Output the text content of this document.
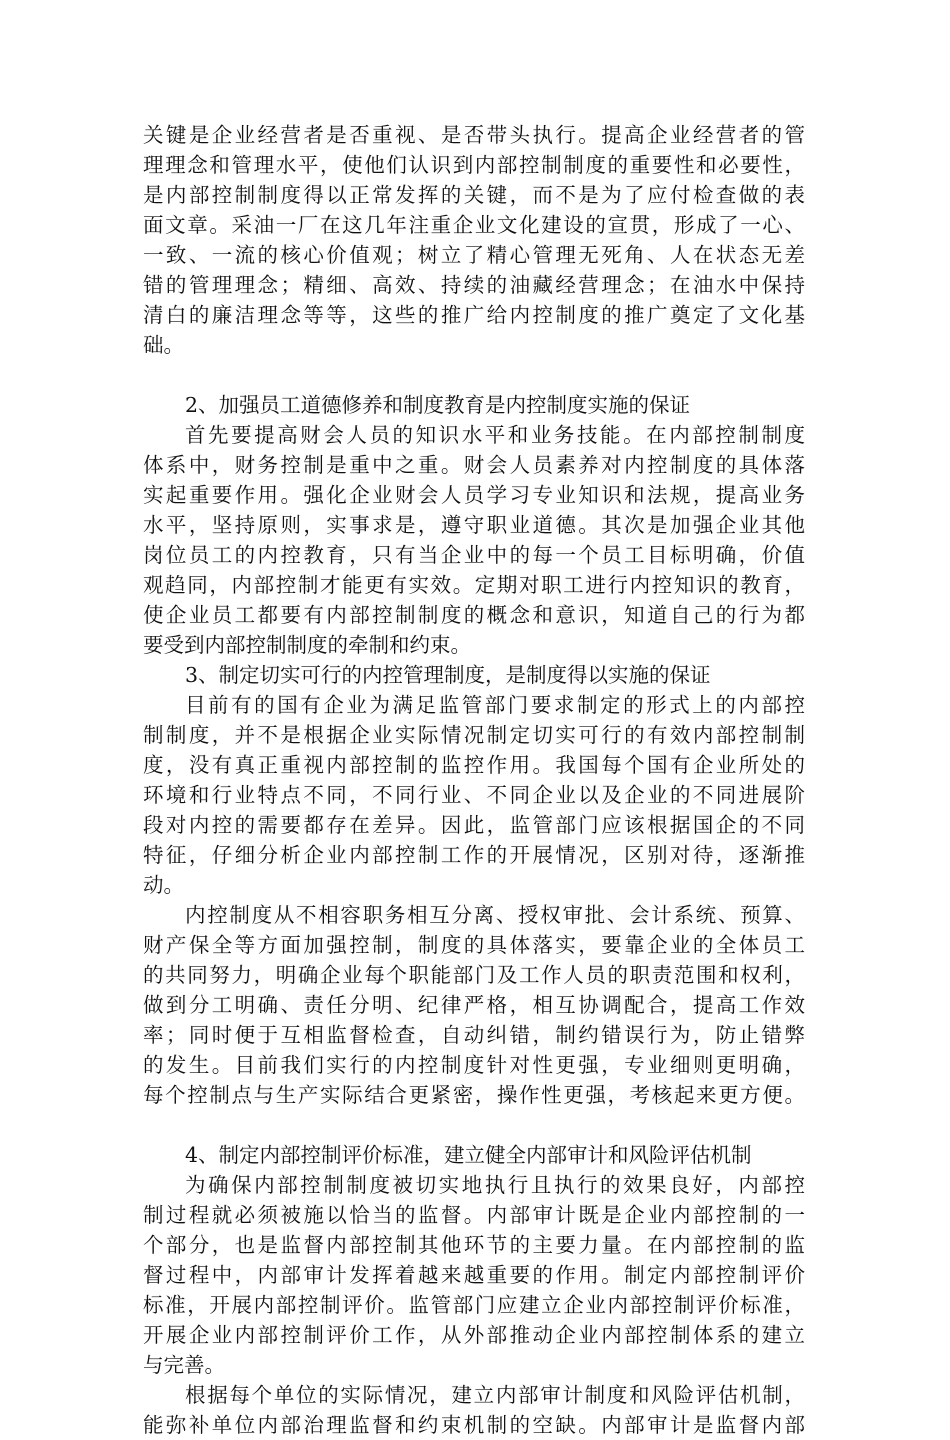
关键是企业经营者是否重视、是否带头执行。提高企业经营者的管
理理念和管理水平，使他们认识到内部控制制度的重要性和必要性，
是内部控制制度得以正常发挥的关键，而不是为了应付检查做的表
面文章。采油一厂在这几年注重企业文化建设的宣贯，形成了一心、
一致、一流的核心价值观；树立了精心管理无死角、人在状态无差
错的管理理念；精细、高效、持续的油藏经营理念；在油水中保持
清白的廉洁理念等等，这些的推广给内控制度的推广奠定了文化基
础。
2、加强员工道德修养和制度教育是内控制度实施的保证
首先要提高财会人员的知识水平和业务技能。在内部控制制度
体系中，财务控制是重中之重。财会人员素养对内控制度的具体落
实起重要作用。强化企业财会人员学习专业知识和法规，提高业务
水平，坚持原则，实事求是，遵守职业道德。其次是加强企业其他
岗位员工的内控教育，只有当企业中的每一个员工目标明确，价值
观趋同，内部控制才能更有实效。定期对职工进行内控知识的教育，
使企业员工都要有内部控制制度的概念和意识，知道自己的行为都
要受到内部控制制度的牵制和约束。
3、制定切实可行的内控管理制度，是制度得以实施的保证
目前有的国有企业为满足监管部门要求制定的形式上的内部控
制制度，并不是根据企业实际情况制定切实可行的有效内部控制制
度，没有真正重视内部控制的监控作用。我国每个国有企业所处的
环境和行业特点不同，不同行业、不同企业以及企业的不同进展阶
段对内控的需要都存在差异。因此，监管部门应该根据国企的不同
特征，仔细分析企业内部控制工作的开展情况，区别对待，逐渐推
动。
内控制度从不相容职务相互分离、授权审批、会计系统、预算、
财产保全等方面加强控制，制度的具体落实，要靠企业的全体员工
的共同努力，明确企业每个职能部门及工作人员的职责范围和权利，
做到分工明确、责任分明、纪律严格，相互协调配合，提高工作效
率；同时便于互相监督检查，自动纠错，制约错误行为，防止错弊
的发生。目前我们实行的内控制度针对性更强，专业细则更明确，
每个控制点与生产实际结合更紧密，操作性更强，考核起来更方便。
4、制定内部控制评价标准，建立健全内部审计和风险评估机制
为确保内部控制制度被切实地执行且执行的效果良好，内部控
制过程就必须被施以恰当的监督。内部审计既是企业内部控制的一
个部分，也是监督内部控制其他环节的主要力量。在内部控制的监
督过程中，内部审计发挥着越来越重要的作用。制定内部控制评价
标准，开展内部控制评价。监管部门应建立企业内部控制评价标准，
开展企业内部控制评价工作，从外部推动企业内部控制体系的建立
与完善。
根据每个单位的实际情况，建立内部审计制度和风险评估机制，
能弥补单位内部治理监督和约束机制的空缺。内部审计是监督内部
